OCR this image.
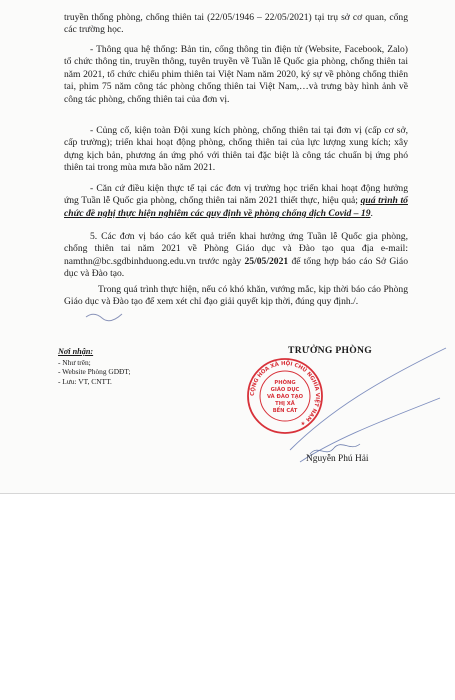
truyền thống phòng, chống thiên tai (22/05/1946 – 22/05/2021) tại trụ sở cơ quan, cổng các trường học.

- Thông qua hệ thống: Bản tin, cổng thông tin điện tử (Website, Facebook, Zalo) tổ chức thông tin, truyền thông, tuyên truyền về Tuần lễ Quốc gia phòng, chống thiên tai năm 2021, tổ chức chiếu phim thiên tai Việt Nam năm 2020, ký sự về phòng chống thiên tai, phim 75 năm công tác phòng chống thiên tai Việt Nam,…và trưng bày hình ảnh về công tác phòng, chống thiên tai của đơn vị.

- Củng cố, kiện toàn Đội xung kích phòng, chống thiên tai tại đơn vị (cấp cơ sở, cấp trường); triển khai hoạt động phòng, chống thiên tai của lực lượng xung kích; xây dựng kịch bản, phương án ứng phó với thiên tai đặc biệt là công tác chuẩn bị ứng phó thiên tai trong mùa mưa bão năm 2021.

- Căn cứ điều kiện thực tế tại các đơn vị trường học triển khai hoạt động hưởng ứng Tuần lễ Quốc gia phòng, chống thiên tai năm 2021 thiết thực, hiệu quả; quá trình tổ chức đề nghị thực hiện nghiêm các quy định về phòng chống dịch Covid – 19.

5. Các đơn vị báo cáo kết quả triển khai hưởng ứng Tuần lễ Quốc gia phòng, chống thiên tai năm 2021 về Phòng Giáo dục và Đào tạo qua địa e-mail: namthn@bc.sgdbinhduong.edu.vn trước ngày 25/05/2021 để tổng hợp báo cáo Sở Giáo dục và Đào tạo.

Trong quá trình thực hiện, nếu có khó khăn, vướng mắc, kịp thời báo cáo Phòng Giáo dục và Đào tạo để xem xét chỉ đạo giải quyết kịp thời, đúng quy định./.

Nơi nhận:
- Như trên;
- Website Phòng GDĐT;
- Lưu: VT, CNTT.
TRƯỞNG PHÒNG
CỘNG HÒA XÃ HỘI CHỦ NGHĨA VIỆT NAM ★
PHÒNG
GIÁO DỤC
VÀ ĐÀO TẠO
THỊ XÃ
BẾN CÁT
Nguyễn Phú Hải
